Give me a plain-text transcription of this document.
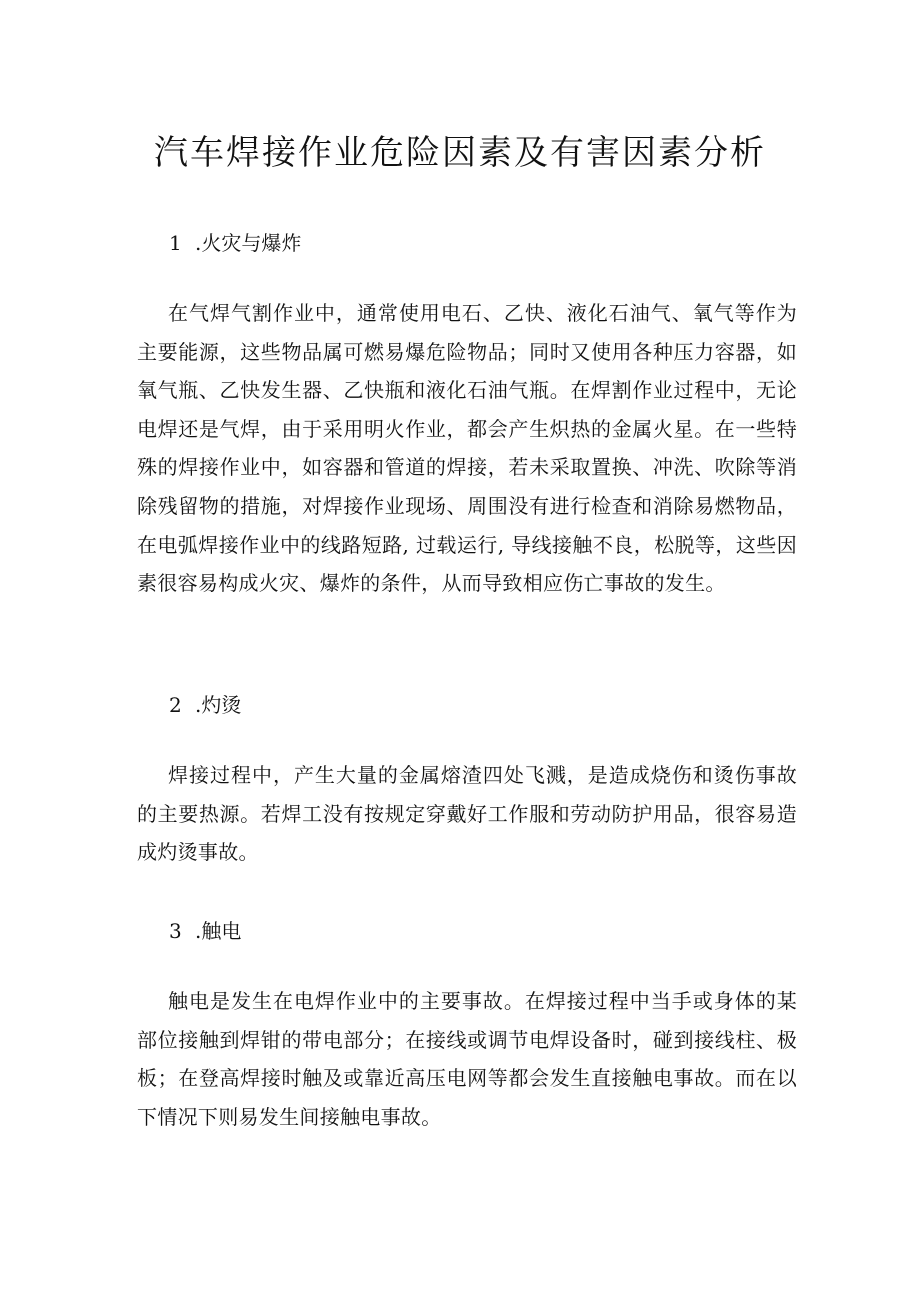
汽车焊接作业危险因素及有害因素分析

1 .火灾与爆炸

在气焊气割作业中，通常使用电石、乙快、液化石油气、氧气等作为主要能源，这些物品属可燃易爆危险物品；同时又使用各种压力容器，如氧气瓶、乙快发生器、乙快瓶和液化石油气瓶。在焊割作业过程中，无论电焊还是气焊，由于采用明火作业，都会产生炽热的金属火星。在一些特殊的焊接作业中，如容器和管道的焊接，若未采取置换、冲洗、吹除等消除残留物的措施，对焊接作业现场、周围没有进行检查和消除易燃物品，在电弧焊接作业中的线路短路, 过载运行, 导线接触不良，松脱等，这些因素很容易构成火灾、爆炸的条件，从而导致相应伤亡事故的发生。

2 .灼烫

焊接过程中，产生大量的金属熔渣四处飞溅，是造成烧伤和烫伤事故的主要热源。若焊工没有按规定穿戴好工作服和劳动防护用品，很容易造成灼烫事故。

3 .触电

触电是发生在电焊作业中的主要事故。在焊接过程中当手或身体的某部位接触到焊钳的带电部分；在接线或调节电焊设备时，碰到接线柱、极板；在登高焊接时触及或靠近高压电网等都会发生直接触电事故。而在以下情况下则易发生间接触电事故。
